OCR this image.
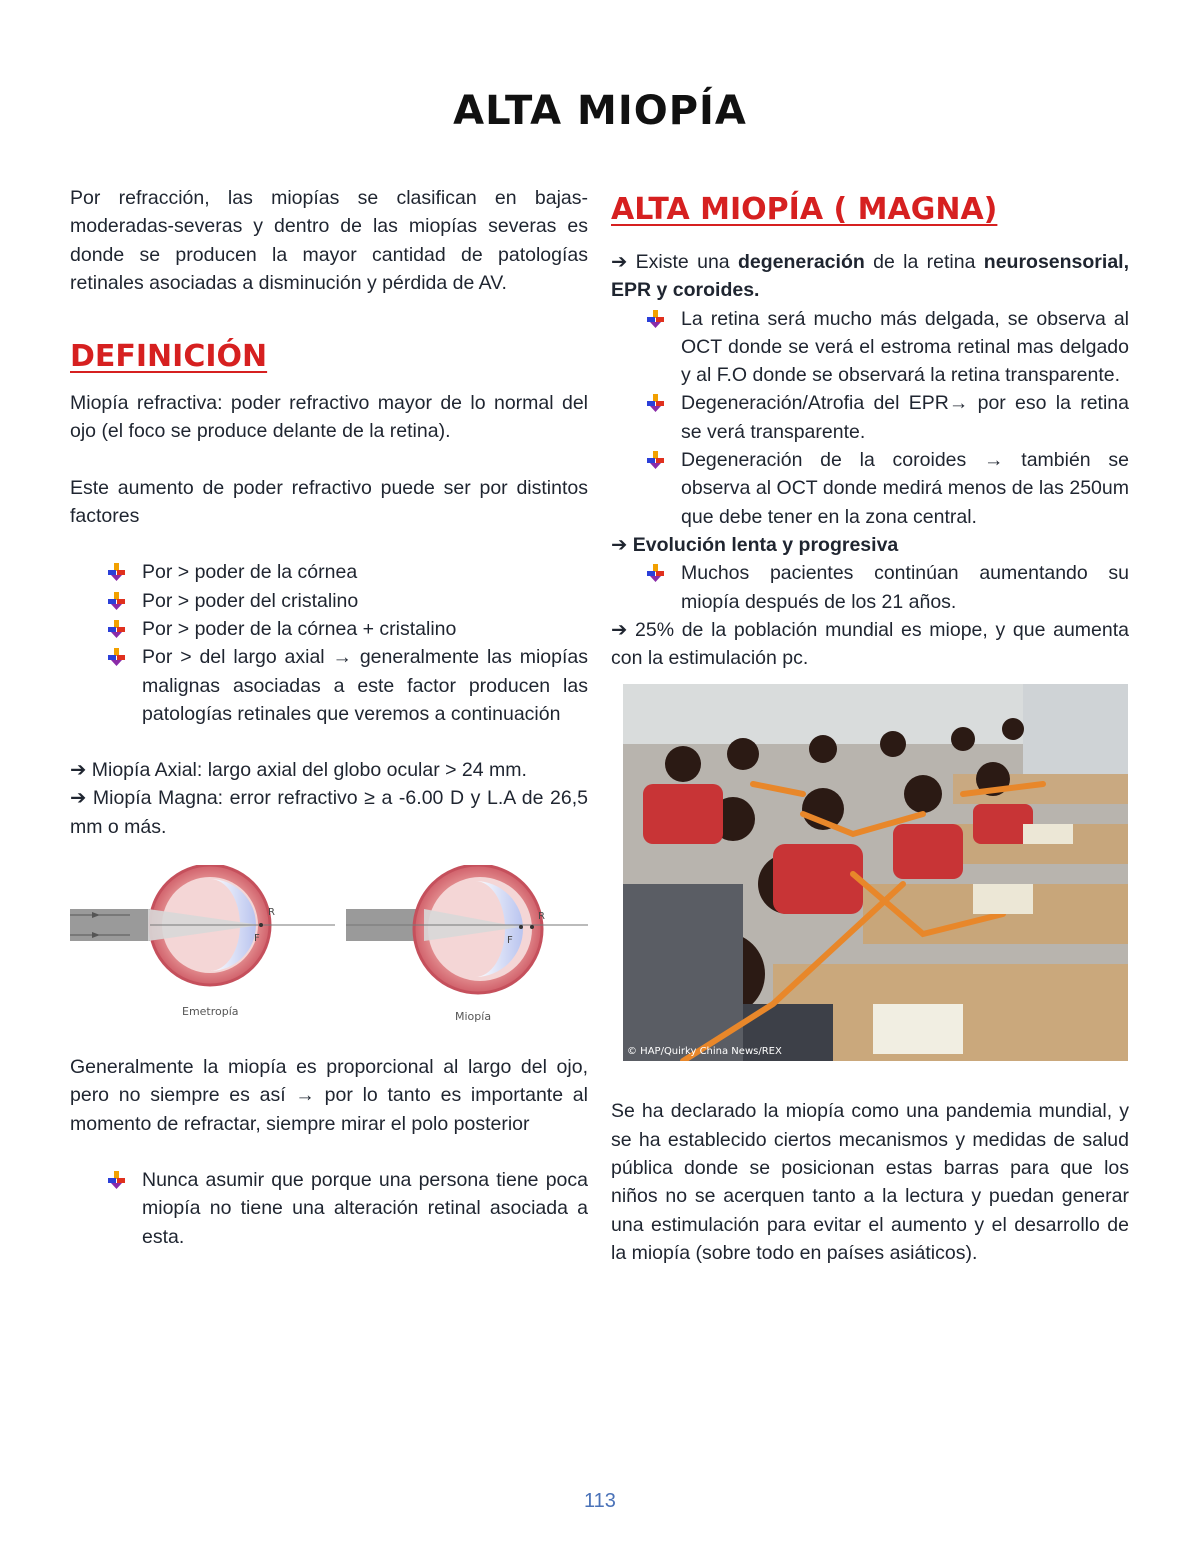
ALTA MIOPÍA

Por refracción, las miopías se clasifican en bajas-moderadas-severas y dentro de las miopías severas es donde se producen la mayor cantidad de patologías retinales asociadas a disminución y pérdida de AV.

DEFINICIÓN

Miopía refractiva: poder refractivo mayor de lo normal del ojo (el foco se produce delante de la retina).

Este aumento de poder refractivo puede ser por distintos factores

Por > poder de la córnea
Por > poder del cristalino
Por > poder de la córnea + cristalino
Por > del largo axial → generalmente las miopías malignas asociadas a este factor producen las patologías retinales que veremos a continuación

➔ Miopía Axial: largo axial del globo ocular > 24 mm.

➔ Miopía Magna: error refractivo ≥ a -6.00 D y L.A de 26,5 mm o más.

R
F
Emetropía
R
F
Miopía

Generalmente la miopía es proporcional al largo del ojo, pero no siempre es así → por lo tanto es importante al momento de refractar, siempre mirar el polo posterior

Nunca asumir que porque una persona tiene poca miopía no tiene una alteración retinal asociada a esta.
ALTA MIOPÍA ( MAGNA)

➔ Existe una degeneración de la retina neurosensorial, EPR y coroides.

La retina será mucho más delgada, se observa al OCT donde se verá el estroma retinal mas delgado y al F.O donde se observará la retina transparente.
Degeneración/Atrofia del EPR→ por eso la retina se verá transparente.
Degeneración de la coroides → también se observa al OCT donde medirá menos de las 250um que debe tener en la zona central.

➔ Evolución lenta y progresiva

Muchos pacientes continúan aumentando su miopía después de los 21 años.

➔ 25% de la población mundial es miope, y que aumenta con la estimulación pc.

© HAP/Quirky China News/REX

Se ha declarado la miopía como una pandemia mundial, y se ha establecido ciertos mecanismos y medidas de salud pública donde se posicionan estas barras para que los niños no se acerquen tanto a la lectura y puedan generar una estimulación para evitar el aumento y el desarrollo de la miopía (sobre todo en países asiáticos).

113
